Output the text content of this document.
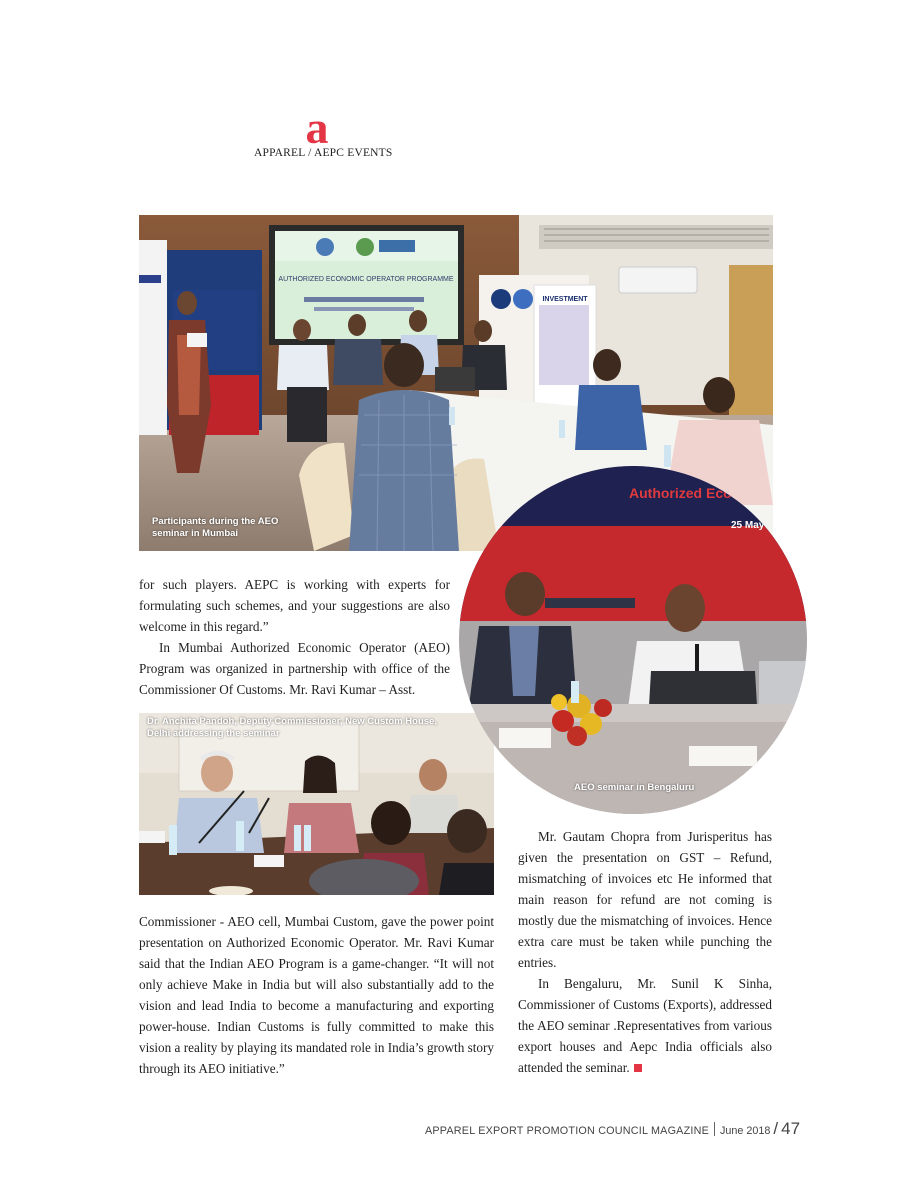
a
APPAREL / AEPC EVENTS
AUTHORIZED ECONOMIC OPERATOR PROGRAMME
INVESTMENT
Participants during the AEO seminar in Mumbai
Dr. Anchita Pandoh, Deputy Commissioner, New Custom House, Delhi addressing the seminar
for such players. AEPC is working with experts for formulating such schemes, and your suggestions are also welcome in this regard.”
In Mumbai Authorized Economic Operator (AEO) Program was organized in partnership with office of the Commissioner Of Customs. Mr. Ravi Kumar – Asst.
Authorized Eco
25 May
AEO seminar in Bengaluru
Commissioner - AEO cell, Mumbai Custom, gave the power point presentation on Authorized Economic Operator. Mr. Ravi Kumar said that the Indian AEO Program is a game-changer. “It will not only achieve Make in India but will also substantially add to the vision and lead India to become a manufacturing and exporting power-house. Indian Customs is fully committed to make this vision a reality by playing its mandated role in India’s growth story through its AEO initiative.”
Mr. Gautam Chopra from Jurisperitus has given the presentation on GST – Refund, mismatching of invoices etc He informed that main reason for refund are not coming is mostly due the mismatching of invoices. Hence extra care must be taken while punching the entries.
In Bengaluru, Mr. Sunil K Sinha, Commissioner of Customs (Exports), addressed the AEO seminar .Representatives from various export houses and Aepc India officials also attended the seminar.
APPAREL EXPORT PROMOTION COUNCIL MAGAZINE June 2018 / 47
